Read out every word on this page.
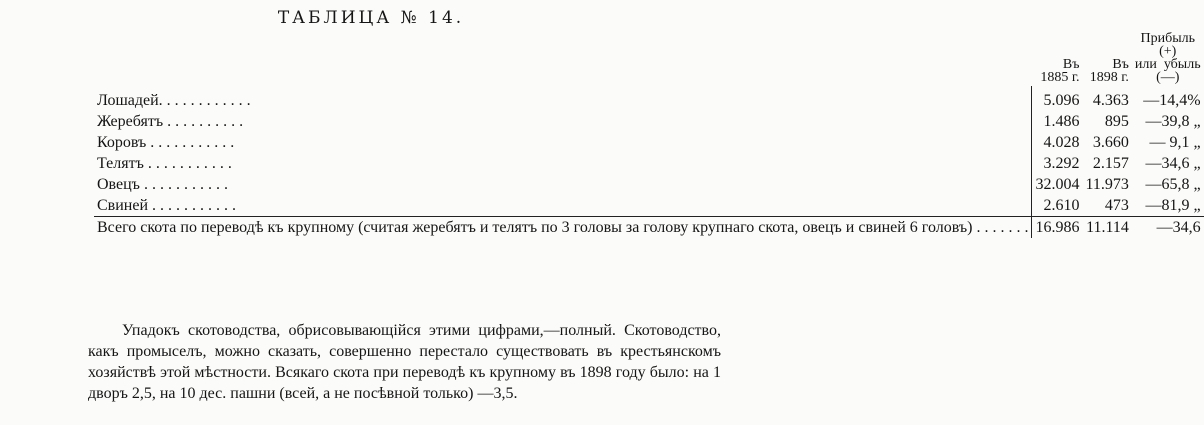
ТАБЛИЦА № 14.
	Въ 1885 г.	Въ 1898 г.	Прибыль (+)
или  убыль
(—)

Лошадей. . . . . . . . . . . .	5.096	4.363	—14,4%
Жеребятъ . . . . . . . . . .	1.486	895	—39,8 „
Коровъ . . . . . . . . . . .	4.028	3.660	— 9,1 „
Телятъ . . . . . . . . . . .	3.292	2.157	—34,6 „
Овецъ . . . . . . . . . . .	32.004	11.973	—65,8 „
Свиней . . . . . . . . . . .	2.610	473	—81,9 „
Всего скота по переводѣ къ крупному (считая жеребятъ и телятъ по 3 головы за голову крупнаго скота, овецъ и свиней 6 головъ) . . . . . . .	16.986	11.114	—34,6
Упадокъ скотоводства, обрисовывающійся этими цифрами,—полный. Скотоводство, какъ промыселъ, можно сказать, совершенно перестало существовать въ крестьянскомъ хозяйствѣ этой мѣстности. Всякаго скота при переводѣ къ крупному въ 1898 году было: на 1 дворъ 2,5, на 10 дес. пашни (всей, а не посѣвной только) —3,5.
